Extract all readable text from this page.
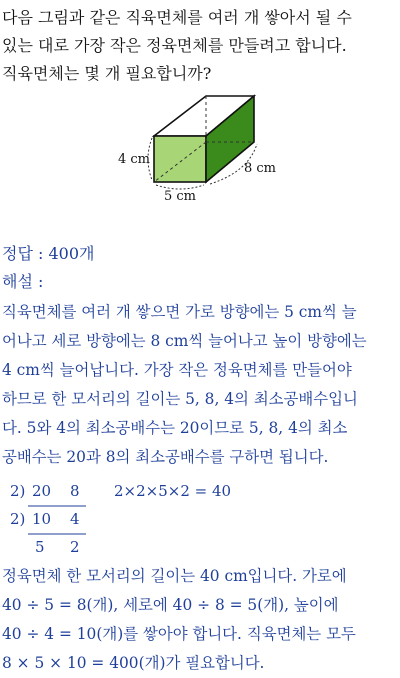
다음 그림과 같은 직육면체를 여러 개 쌓아서 될 수
있는 대로 가장 작은 정육면체를 만들려고 합니다.
직육면체는 몇 개 필요합니까?
4 cm
5 cm
8 cm
정답 : 400개
해설 :
직육면체를 여러 개 쌓으면 가로 방향에는 5 cm씩 늘
어나고 세로 방향에는 8 cm씩 늘어나고 높이 방향에는
4 cm씩 늘어납니다. 가장 작은 정육면체를 만들어야
하므로 한 모서리의 길이는 5, 8, 4의 최소공배수입니
다. 5와 4의 최소공배수는 20이므로 5, 8, 4의 최소
공배수는 20과 8의 최소공배수를 구하면 됩니다.
2) 20 8 2×2×5×2 = 40
2) 10 4
5 2
정육면체 한 모서리의 길이는 40 cm입니다. 가로에
40 ÷ 5 = 8(개), 세로에 40 ÷ 8 = 5(개), 높이에
40 ÷ 4 = 10(개)를 쌓아야 합니다. 직육면체는 모두
8 × 5 × 10 = 400(개)가 필요합니다.
